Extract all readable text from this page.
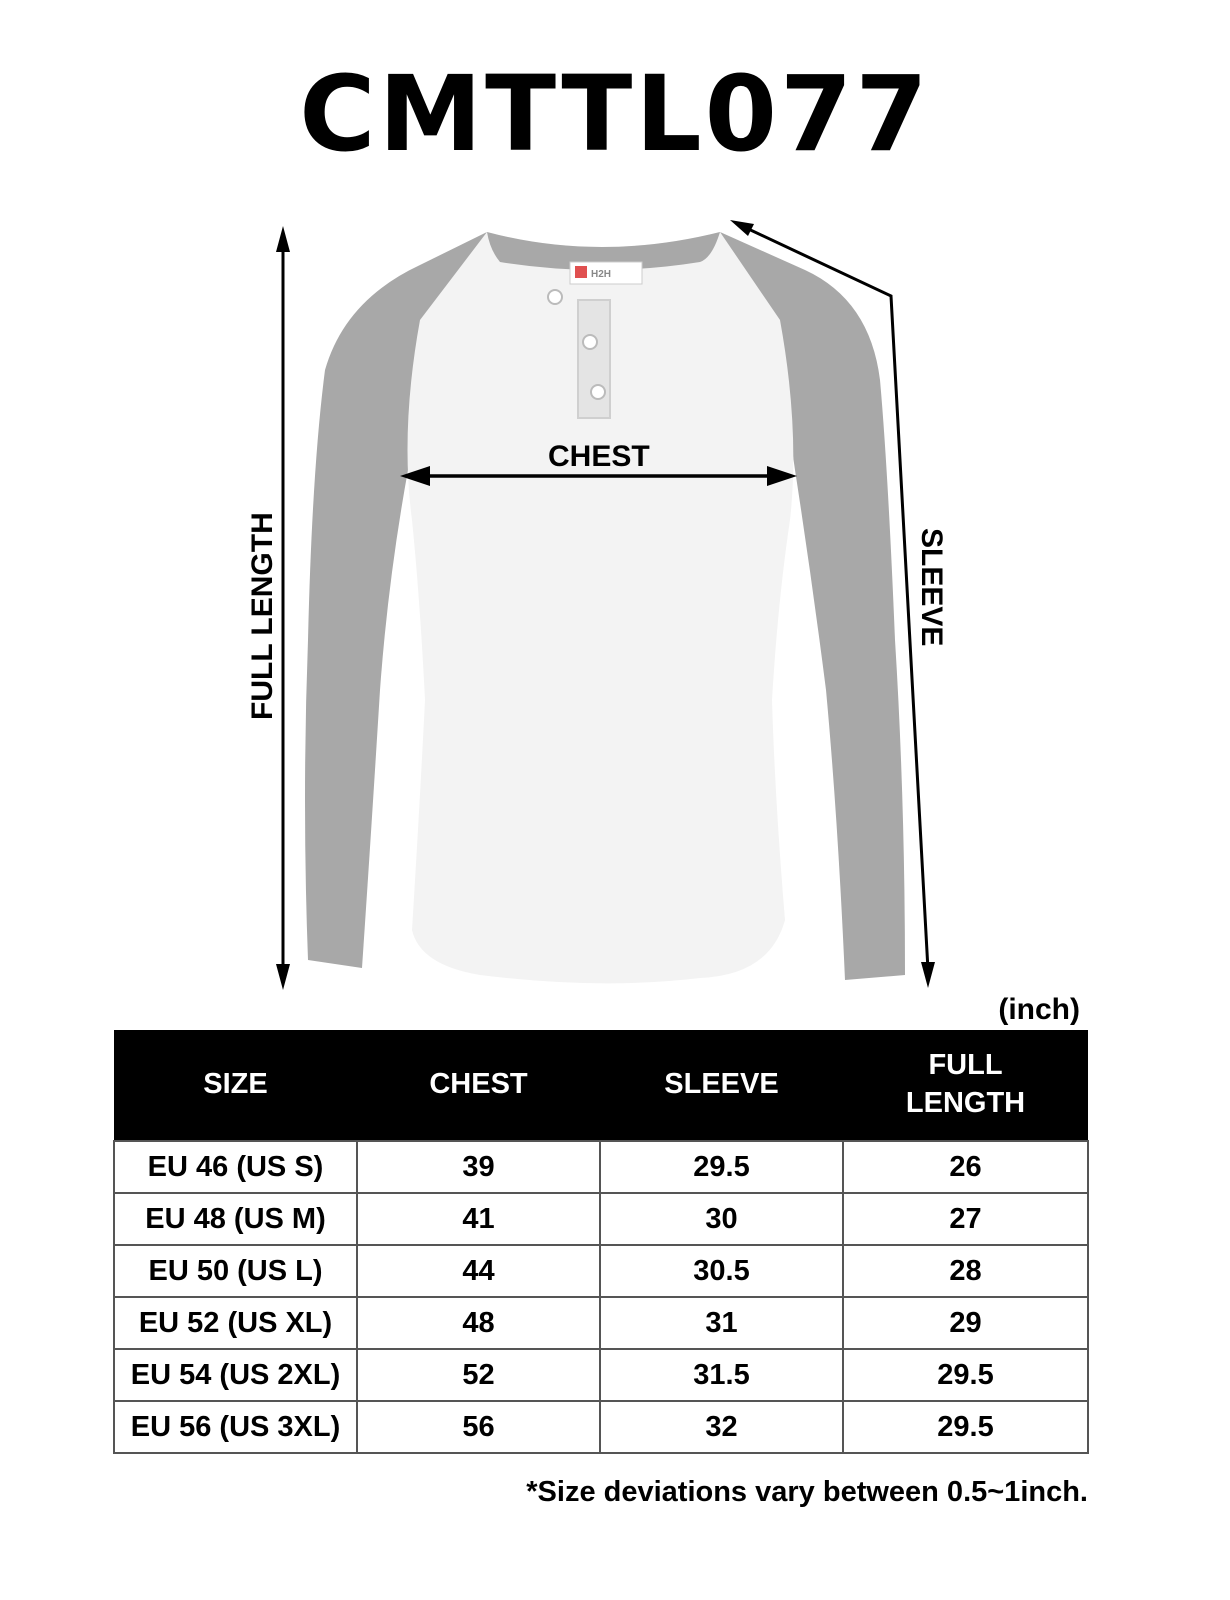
CMTTL077
H2H
CHEST
FULL LENGTH	SLEEVE
(inch)
SIZE	CHEST	SLEEVE	FULL LENGTH
EU 46 (US S)	39	29.5	26
EU 48 (US M)	41	30	27
EU 50 (US L)	44	30.5	28
EU 52 (US XL)	48	31	29
EU 54 (US 2XL)	52	31.5	29.5
EU 56 (US 3XL)	56	32	29.5
*Size deviations vary between 0.5~1inch.
